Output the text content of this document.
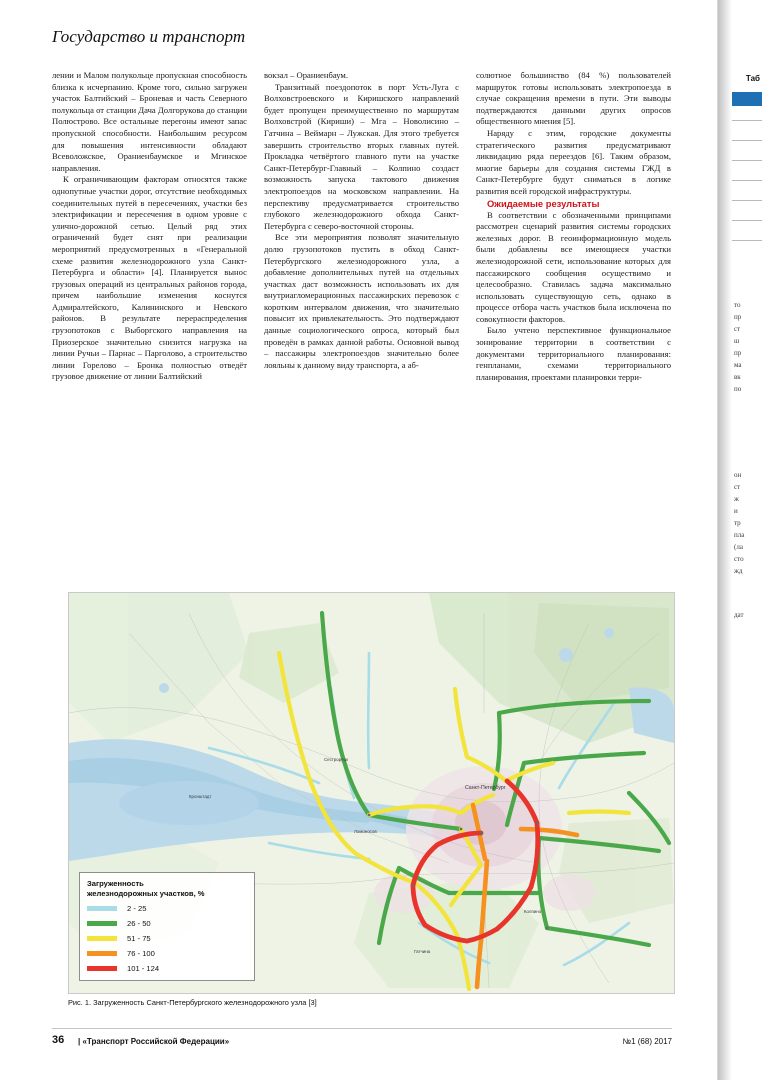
Государство и транспорт

лении и Малом полукольце пропускная способность близка к исчерпанию. Кроме того, сильно загружен участок Балтийский – Броневая и часть Северного полукольца от станции Дача Долгорукова до станции Полюстрово. Все остальные перегоны имеют запас пропускной способности. Наибольшим ресурсом для повышения интенсивности обладают Всеволожское, Ораниенбаумское и Мгинское направления.

К ограничивающим факторам относятся также однопутные участки дорог, отсутствие необходимых соединительных путей в пересечениях, участки без электрификации и пересечения в одном уровне с улично-дорожной сетью. Целый ряд этих ограничений будет снят при реализации мероприятий предусмотренных в «Генеральной схеме развития железнодорожного узла Санкт-Петербурга и области» [4]. Планируется вынос грузовых операций из центральных районов города, причем наибольшие изменения коснутся Адмиралтейского, Калининского и Невского районов. В результате перераспределения грузопотоков с Выборгского направления на Приозерское значительно снизится нагрузка на линии Ручьи – Парнас – Парголово, а строительство линии Горелово – Бронка полностью отведёт грузовое движение от линии Балтийский

вокзал – Ораниенбаум.

Транзитный поездопоток в порт Усть-Луга с Волховстроевского и Киришского направлений будет пропущен преимущественно по маршрутам Волховстрой (Кириши) – Мга – Новолисино – Гатчина – Веймарн – Лужская. Для этого требуется завершить строительство вторых главных путей. Прокладка четвёртого главного пути на участке Санкт-Петербург-Главный – Колпино создаст возможность запуска тактового движения электропоездов на московском направлении. На перспективу предусматривается строительство глубокого железнодорожного обхода Санкт-Петербурга с северо-восточной стороны.

Все эти мероприятия позволят значительную долю грузопотоков пустить в обход Санкт-Петербургского железнодорожного узла, а добавление дополнительных путей на отдельных участках даст возможность использовать их для внутриагломерационных пассажирских перевозок с коротким интервалом движения, что значительно повысит их привлекательность. Это подтверждают данные социологического опроса, который был проведён в рамках данной работы. Основной вывод – пассажиры электропоездов значительно более лояльны к данному виду транспорта, а аб-

солютное большинство (84 %) пользователей маршруток готовы использовать электропоезда в случае сокращения времени в пути. Эти выводы подтверждаются данными других опросов общественного мнения [5].

Наряду с этим, городские документы стратегического развития предусматривают ликвидацию ряда переездов [6]. Таким образом, многие барьеры для создания системы ГЖД в Санкт-Петербурге будут сниматься в логике развития всей городской инфраструктуры.

Ожидаемые результаты

В соответствии с обозначенными принципами рассмотрен сценарий развития системы городских железных дорог. В геоинформационную модель были добавлены все имеющиеся участки железнодорожной сети, использование которых для пассажирского сообщения осуществимо и целесообразно. Ставилась задача максимально использовать существующую сеть, однако в процессе отбора часть участков была исключена по совокупности факторов.

Было учтено перспективное функциональное зонирование территории в соответствии с документами территориального планирования: генпланами, схемами территориального планирования, проектами планировки терри-

Санкт-Петербург
Сестрорецк
Колпино
Гатчина
Ломоносов
Кронштадт
Загруженность
железнодорожных участков, %
2 - 25
26 - 50
51 - 75
76 - 100
101 - 124
Рис. 1. Загруженность Санкт-Петербургского железнодорожного узла [3]
36 | «Транспорт Российской Федерации»
Таб
то
пр
ст
ш
пр
ма
вк
по
он
ст
ж
и
тр
пла
(ла
сто
жд
дат
№1 (68) 2017
